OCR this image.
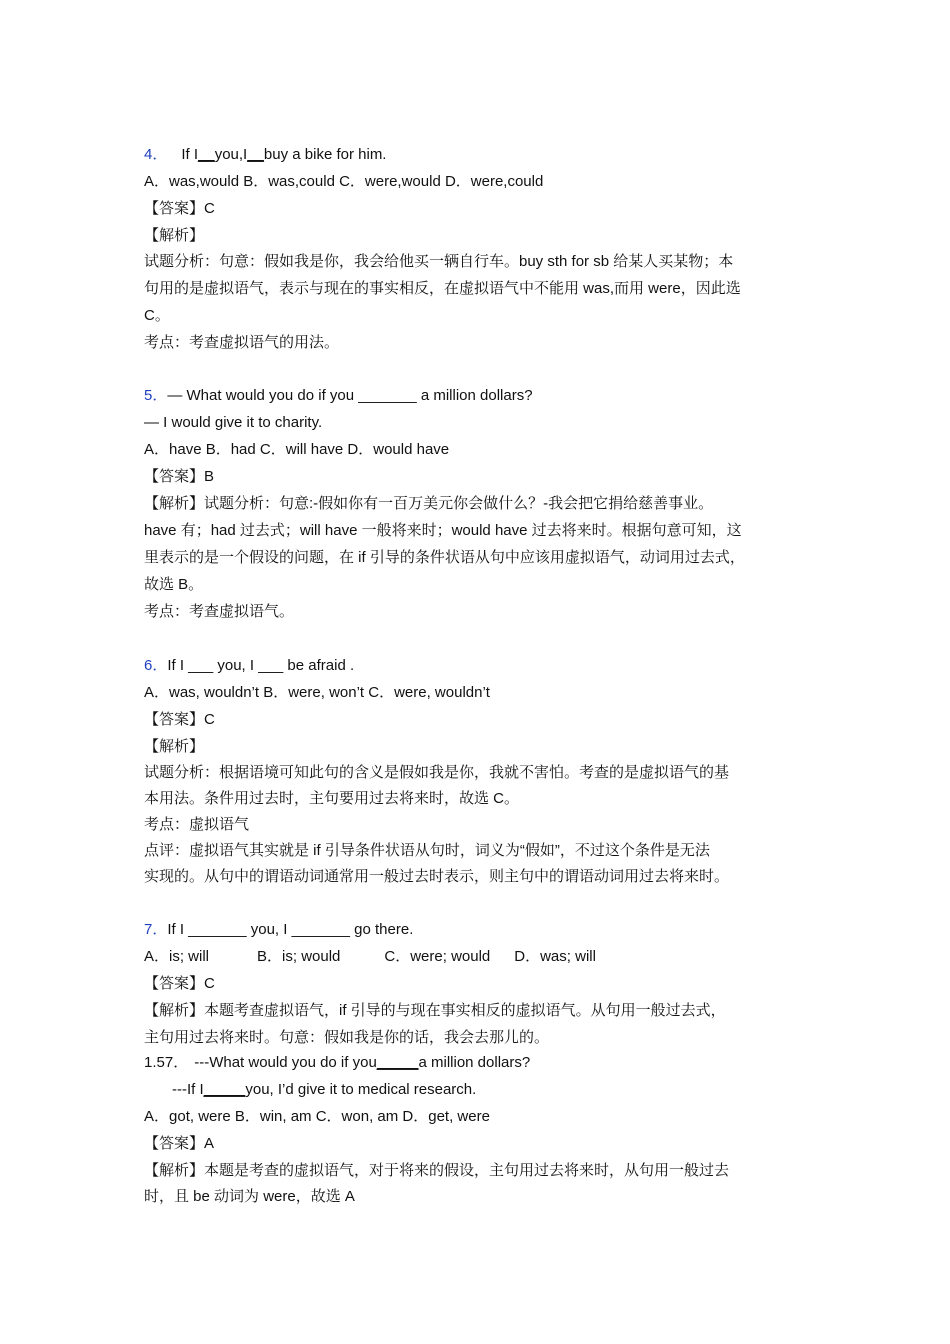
4． If I__you,I__buy a bike for him.
A．was,would B．was,could C．were,would D．were,could
【答案】C
【解析】
试题分析：句意：假如我是你，我会给他买一辆自行车。buy sth for sb 给某人买某物；本
句用的是虚拟语气，表示与现在的事实相反，在虚拟语气中不能用 was,而用 were，因此选
C。
考点：考查虚拟语气的用法。
5．— What would you do if you _______ a million dollars?
— I would give it to charity.
A．have B．had C．will have D．would have
【答案】B
【解析】试题分析：句意:-假如你有一百万美元你会做什么？-我会把它捐给慈善事业。
have 有；had 过去式；will have 一般将来时；would have 过去将来时。根据句意可知，这
里表示的是一个假设的问题，在 if 引导的条件状语从句中应该用虚拟语气，动词用过去式，
故选 B。
考点：考查虚拟语气。
6．If I ___ you, I ___ be afraid .
A．was, wouldn’t B．were, won’t C．were, wouldn’t
【答案】C
【解析】
试题分析：根据语境可知此句的含义是假如我是你，我就不害怕。考查的是虚拟语气的基
本用法。条件用过去时，主句要用过去将来时，故选 C。
考点：虚拟语气
点评：虚拟语气其实就是 if 引导条件状语从句时，词义为“假如”，不过这个条件是无法
实现的。从句中的谓语动词通常用一般过去时表示，则主句中的谓语动词用过去将来时。
7．If I _______ you, I _______ go there.
A．is; will	B．is; would	C．were; would D．was; will
【答案】C
【解析】本题考查虚拟语气，if 引导的与现在事实相反的虚拟语气。从句用一般过去式，
主句用过去将来时。句意：假如我是你的话，我会去那儿的。
1.57． ---What would you do if you_____a million dollars?
---If I_____you, I’d give it to medical research.
A．got, were B．win, am C．won, am D．get, were
【答案】A
【解析】本题是考查的虚拟语气，对于将来的假设，主句用过去将来时，从句用一般过去
时，且 be 动词为 were，故选 A
